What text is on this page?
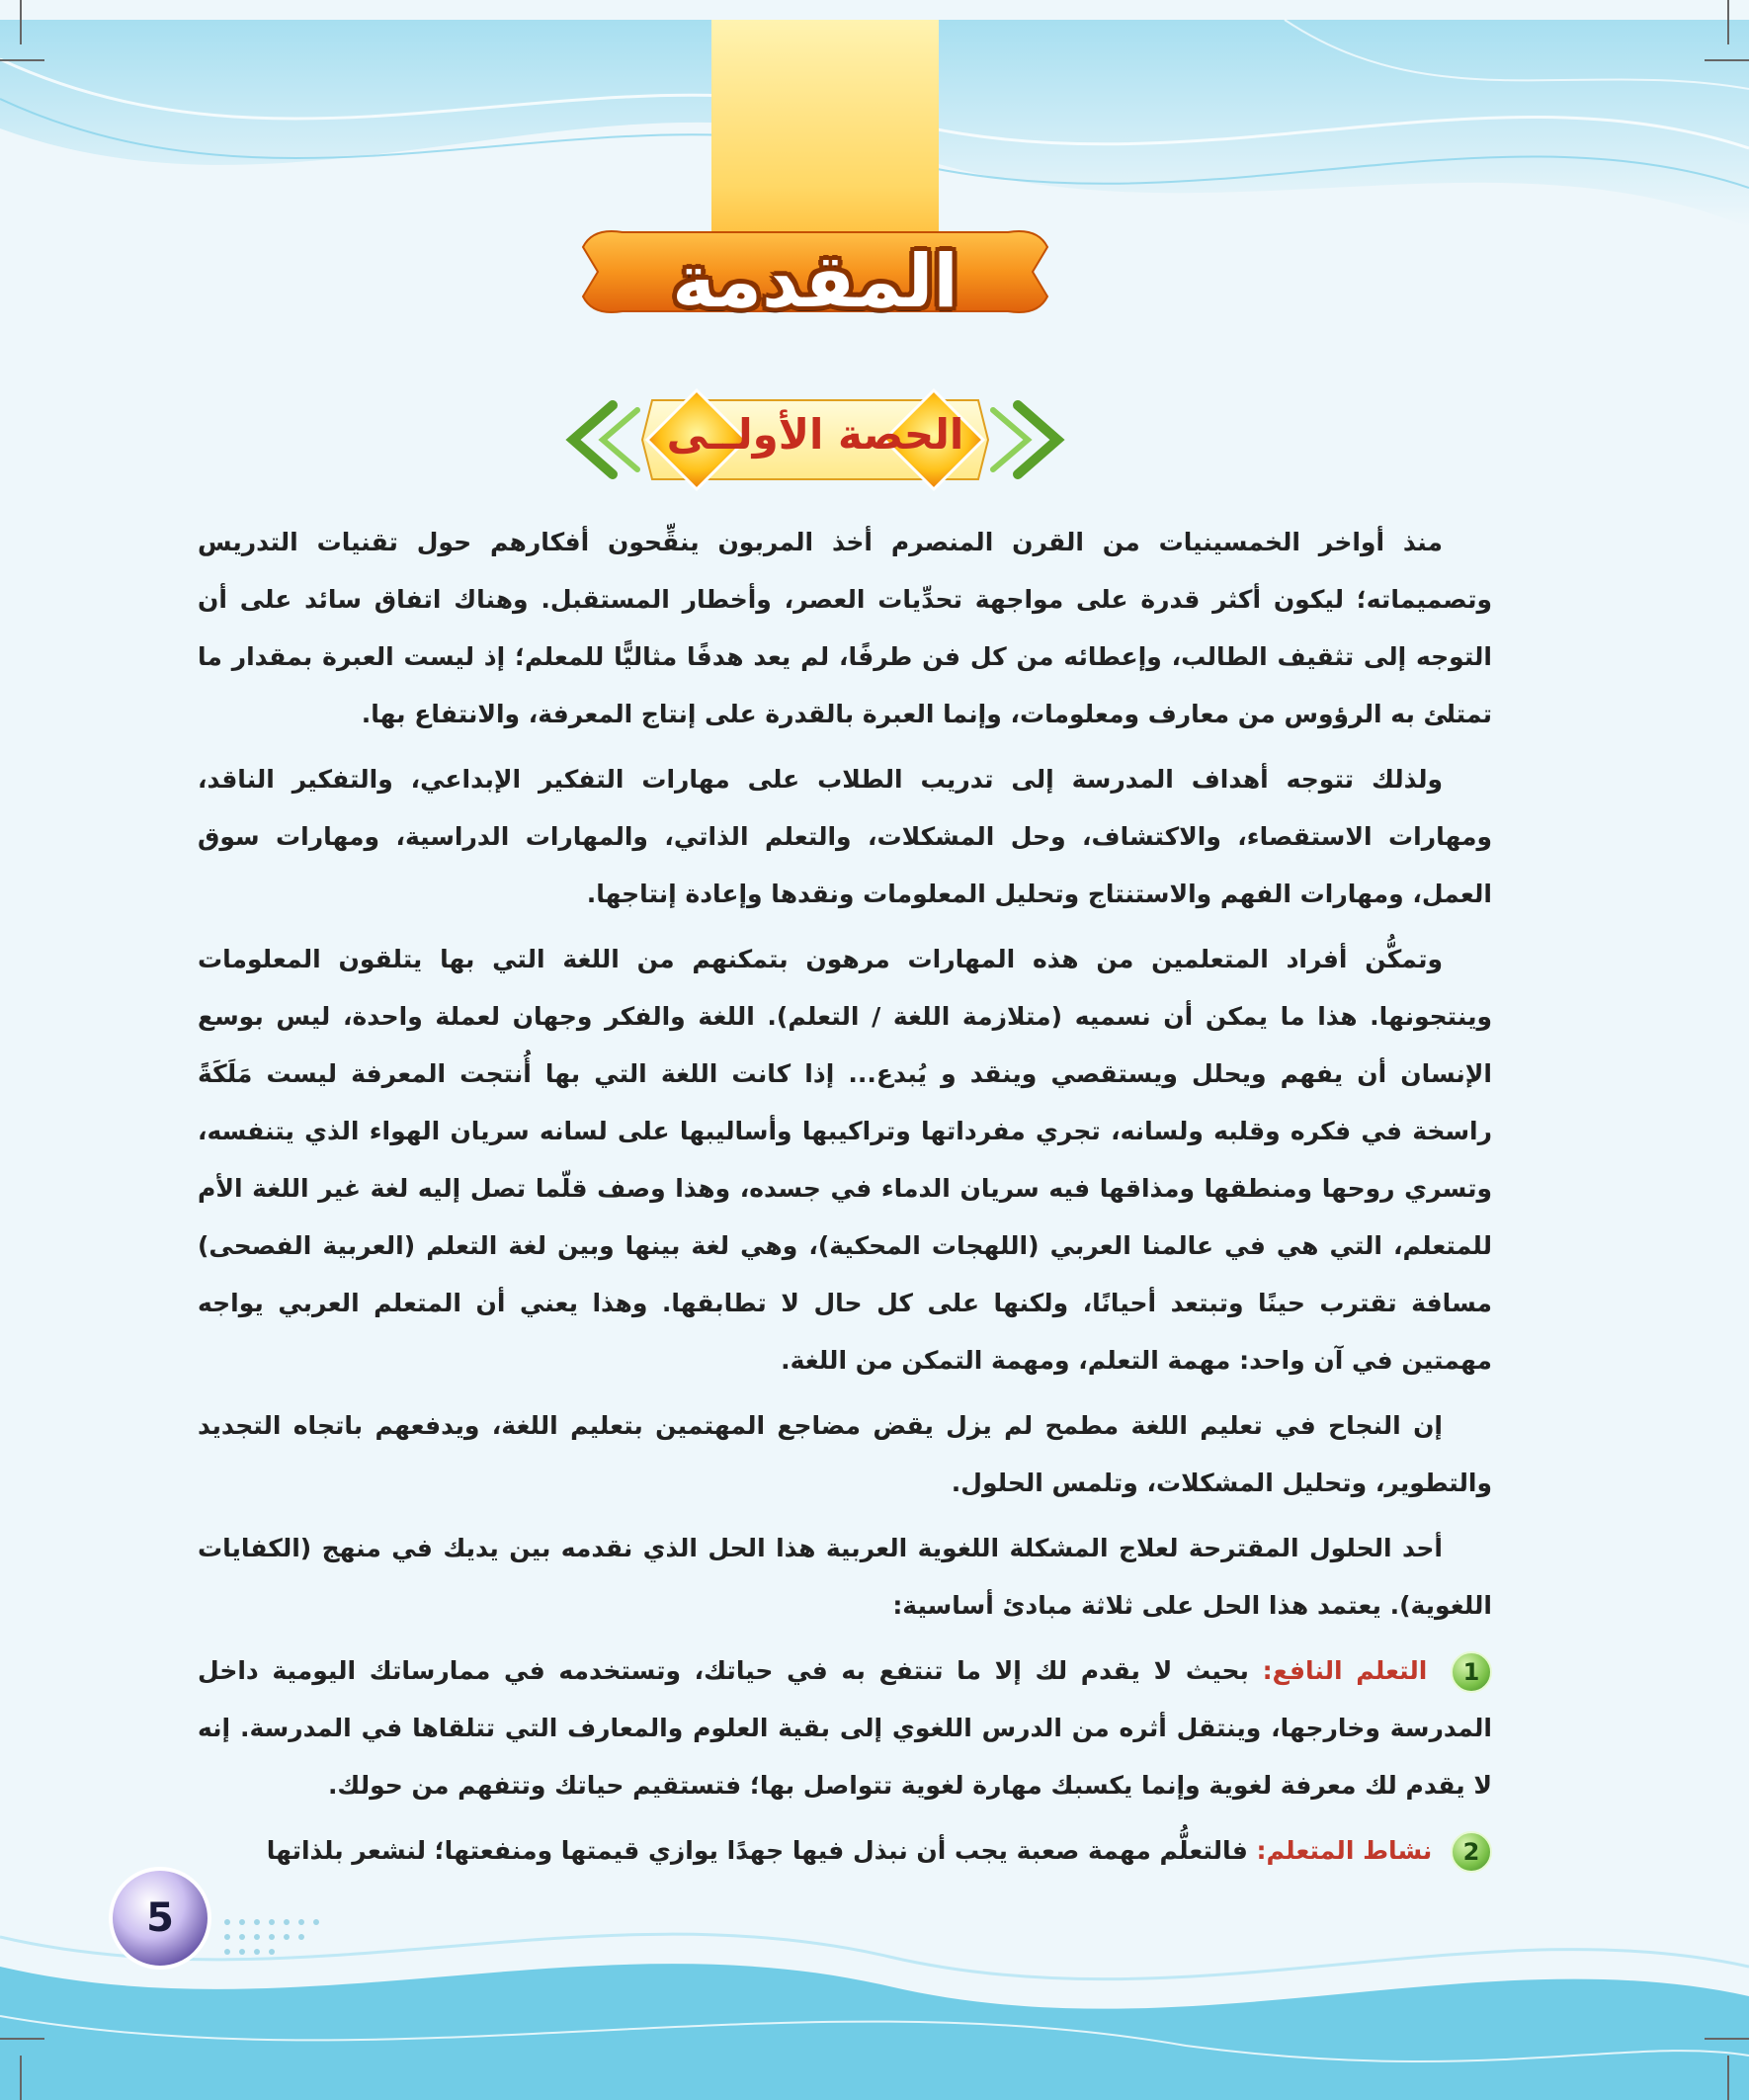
المقدمة
الحصة الأولــى

منذ أواخر الخمسينيات من القرن المنصرم أخذ المربون ينقِّحون أفكارهم حول تقنيات التدريس وتصميماته؛ ليكون أكثر قدرة على مواجهة تحدِّيات العصر، وأخطار المستقبل. وهناك اتفاق سائد على أن التوجه إلى تثقيف الطالب، وإعطائه من كل فن طرفًا، لم يعد هدفًا مثاليًّا للمعلم؛ إذ ليست العبرة بمقدار ما تمتلئ به الرؤوس من معارف ومعلومات، وإنما العبرة بالقدرة على إنتاج المعرفة، والانتفاع بها.

ولذلك تتوجه أهداف المدرسة إلى تدريب الطلاب على مهارات التفكير الإبداعي، والتفكير الناقد، ومهارات الاستقصاء، والاكتشاف، وحل المشكلات، والتعلم الذاتي، والمهارات الدراسية، ومهارات سوق العمل، ومهارات الفهم والاستنتاج وتحليل المعلومات ونقدها وإعادة إنتاجها.

وتمكُّن أفراد المتعلمين من هذه المهارات مرهون بتمكنهم من اللغة التي بها يتلقون المعلومات وينتجونها. هذا ما يمكن أن نسميه (متلازمة اللغة / التعلم). اللغة والفكر وجهان لعملة واحدة، ليس بوسع الإنسان أن يفهم ويحلل ويستقصي وينقد و يُبدع... إذا كانت اللغة التي بها أُنتجت المعرفة ليست مَلَكَةً راسخة في فكره وقلبه ولسانه، تجري مفرداتها وتراكيبها وأساليبها على لسانه سريان الهواء الذي يتنفسه، وتسري روحها ومنطقها ومذاقها فيه سريان الدماء في جسده، وهذا وصف قلّما تصل إليه لغة غير اللغة الأم للمتعلم، التي هي في عالمنا العربي (اللهجات المحكية)، وهي لغة بينها وبين لغة التعلم (العربية الفصحى) مسافة تقترب حينًا وتبتعد أحيانًا، ولكنها على كل حال لا تطابقها. وهذا يعني أن المتعلم العربي يواجه مهمتين في آن واحد: مهمة التعلم، ومهمة التمكن من اللغة.

إن النجاح في تعليم اللغة مطمح لم يزل يقض مضاجع المهتمين بتعليم اللغة، ويدفعهم باتجاه التجديد والتطوير، وتحليل المشكلات، وتلمس الحلول.

أحد الحلول المقترحة لعلاج المشكلة اللغوية العربية هذا الحل الذي نقدمه بين يديك في منهج (الكفايات اللغوية). يعتمد هذا الحل على ثلاثة مبادئ أساسية:

1 التعلم النافع: بحيث لا يقدم لك إلا ما تنتفع به في حياتك، وتستخدمه في ممارساتك اليومية داخل المدرسة وخارجها، وينتقل أثره من الدرس اللغوي إلى بقية العلوم والمعارف التي تتلقاها في المدرسة. إنه لا يقدم لك معرفة لغوية وإنما يكسبك مهارة لغوية تتواصل بها؛ فتستقيم حياتك وتتفهم من حولك.

2 نشاط المتعلم: فالتعلُّم مهمة صعبة يجب أن نبذل فيها جهدًا يوازي قيمتها ومنفعتها؛ لنشعر بلذاتها

5
